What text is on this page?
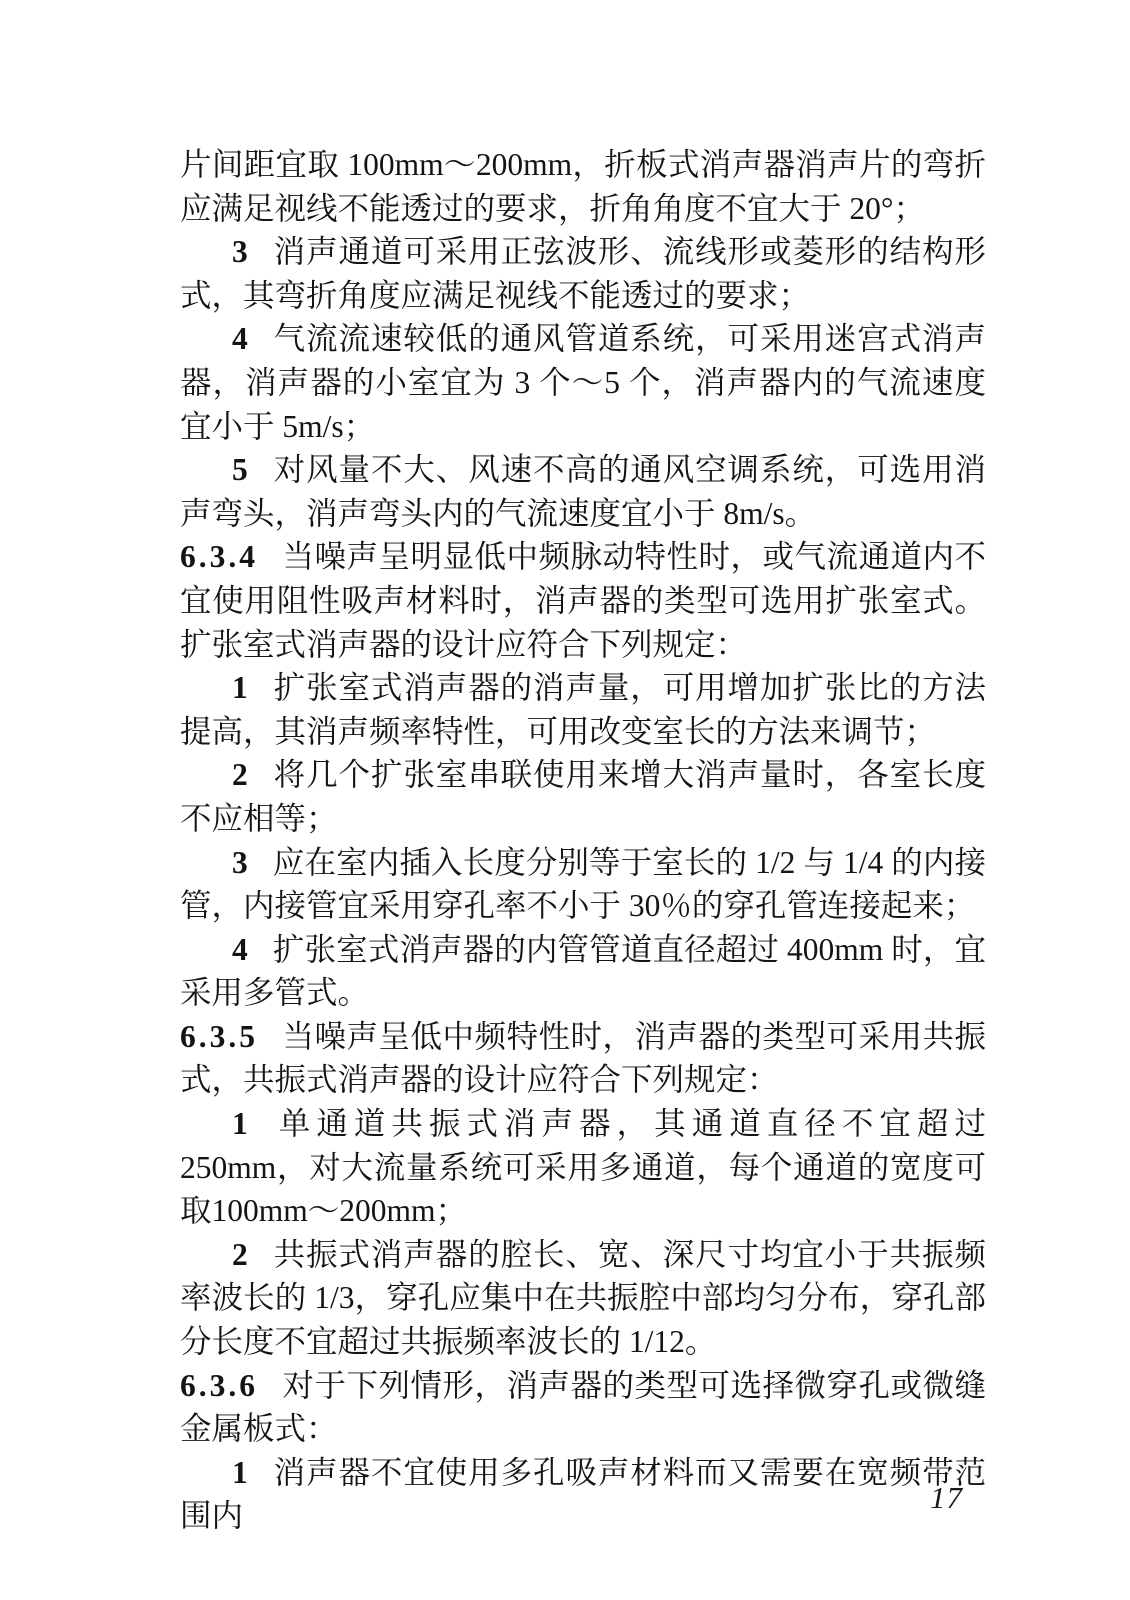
片间距宜取 100mm～200mm，折板式消声器消声片的弯折应满足视线不能透过的要求，折角角度不宜大于 20°；

3 消声通道可采用正弦波形、流线形或菱形的结构形式，其弯折角度应满足视线不能透过的要求；

4 气流流速较低的通风管道系统，可采用迷宫式消声器，消声器的小室宜为 3 个～5 个，消声器内的气流速度宜小于 5m/s；

5 对风量不大、风速不高的通风空调系统，可选用消声弯头，消声弯头内的气流速度宜小于 8m/s。

6.3.4 当噪声呈明显低中频脉动特性时，或气流通道内不宜使用阻性吸声材料时，消声器的类型可选用扩张室式。扩张室式消声器的设计应符合下列规定：

1 扩张室式消声器的消声量，可用增加扩张比的方法提高，其消声频率特性，可用改变室长的方法来调节；

2 将几个扩张室串联使用来增大消声量时，各室长度不应相等；

3 应在室内插入长度分别等于室长的 1/2 与 1/4 的内接管，内接管宜采用穿孔率不小于 30％的穿孔管连接起来；

4 扩张室式消声器的内管管道直径超过 400mm 时，宜采用多管式。

6.3.5 当噪声呈低中频特性时，消声器的类型可采用共振式，共振式消声器的设计应符合下列规定：

1 单通道共振式消声器，其通道直径不宜超过 250mm，对大流量系统可采用多通道，每个通道的宽度可取100mm～200mm；

2 共振式消声器的腔长、宽、深尺寸均宜小于共振频率波长的 1/3，穿孔应集中在共振腔中部均匀分布，穿孔部分长度不宜超过共振频率波长的 1/12。

6.3.6 对于下列情形，消声器的类型可选择微穿孔或微缝金属板式：

1 消声器不宜使用多孔吸声材料而又需要在宽频带范围内

17
